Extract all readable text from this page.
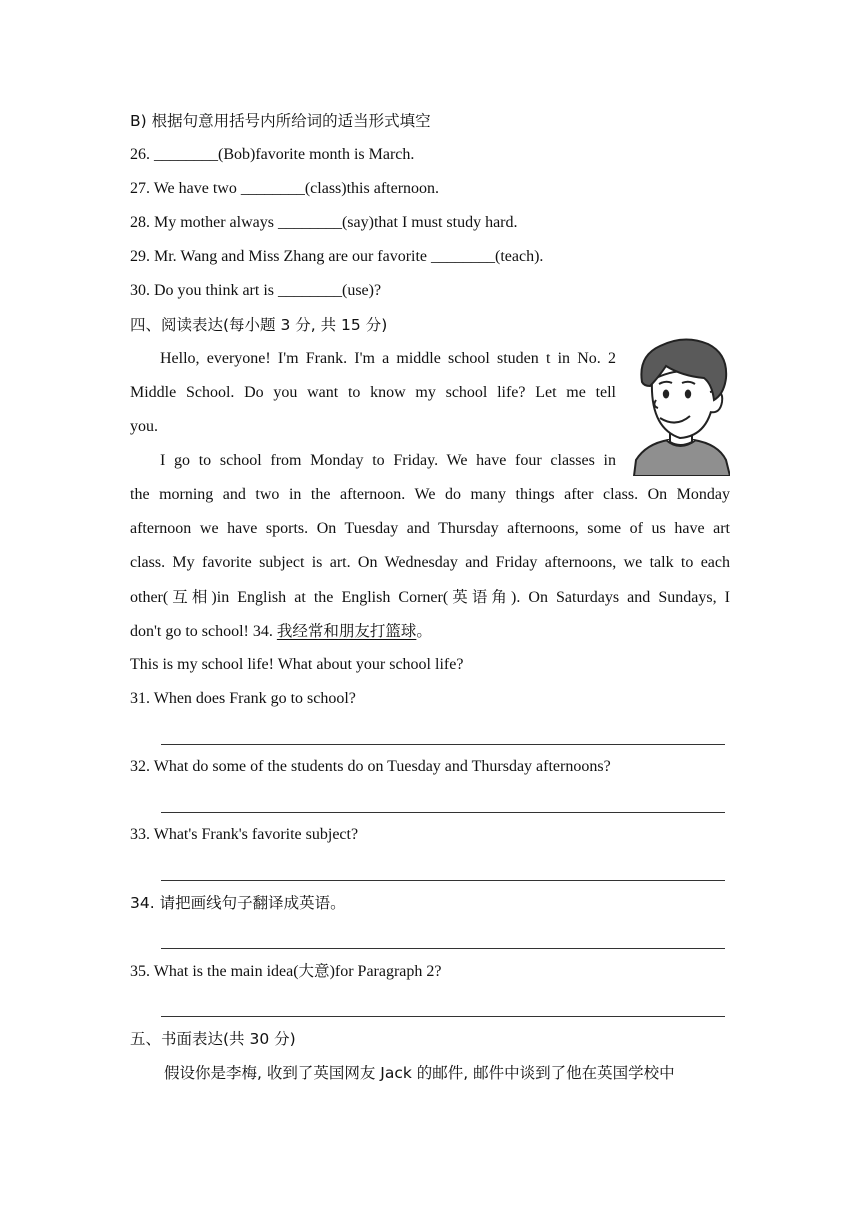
B) 根据句意用括号内所给词的适当形式填空
26. ________(Bob)favorite month is March.
27. We have two ________(class)this afternoon.
28. My mother always ________(say)that I must study hard.
29. Mr. Wang and Miss Zhang are our favorite ________(teach).
30. Do you think art is ________(use)?
四、阅读表达(每小题 3 分, 共 15 分)
Hello, everyone! I'm Frank. I'm a middle school studen t in No. 2
Middle School. Do you want to know my school life? Let me tell
you.
I go to school from Monday to Friday. We have four classes in
the morning and two in the afternoon. We do many things after class. On Monday
afternoon we have sports. On Tuesday and Thursday afternoons, some of us have art
class. My favorite subject is art. On Wednesday and Friday afternoons, we talk to each
other(互相)in English at the English Corner(英语角). On Saturdays and Sundays, I
don't go to school! 34. 我经常和朋友打篮球。
This is my school life! What about your school life?
31. When does Frank go to school?
32. What do some of the students do on Tuesday and Thursday afternoons?
33. What's Frank's favorite subject?
34. 请把画线句子翻译成英语。
35. What is the main idea(大意)for Paragraph 2?
五、书面表达(共 30 分)
假设你是李梅, 收到了英国网友 Jack 的邮件, 邮件中谈到了他在英国学校中
